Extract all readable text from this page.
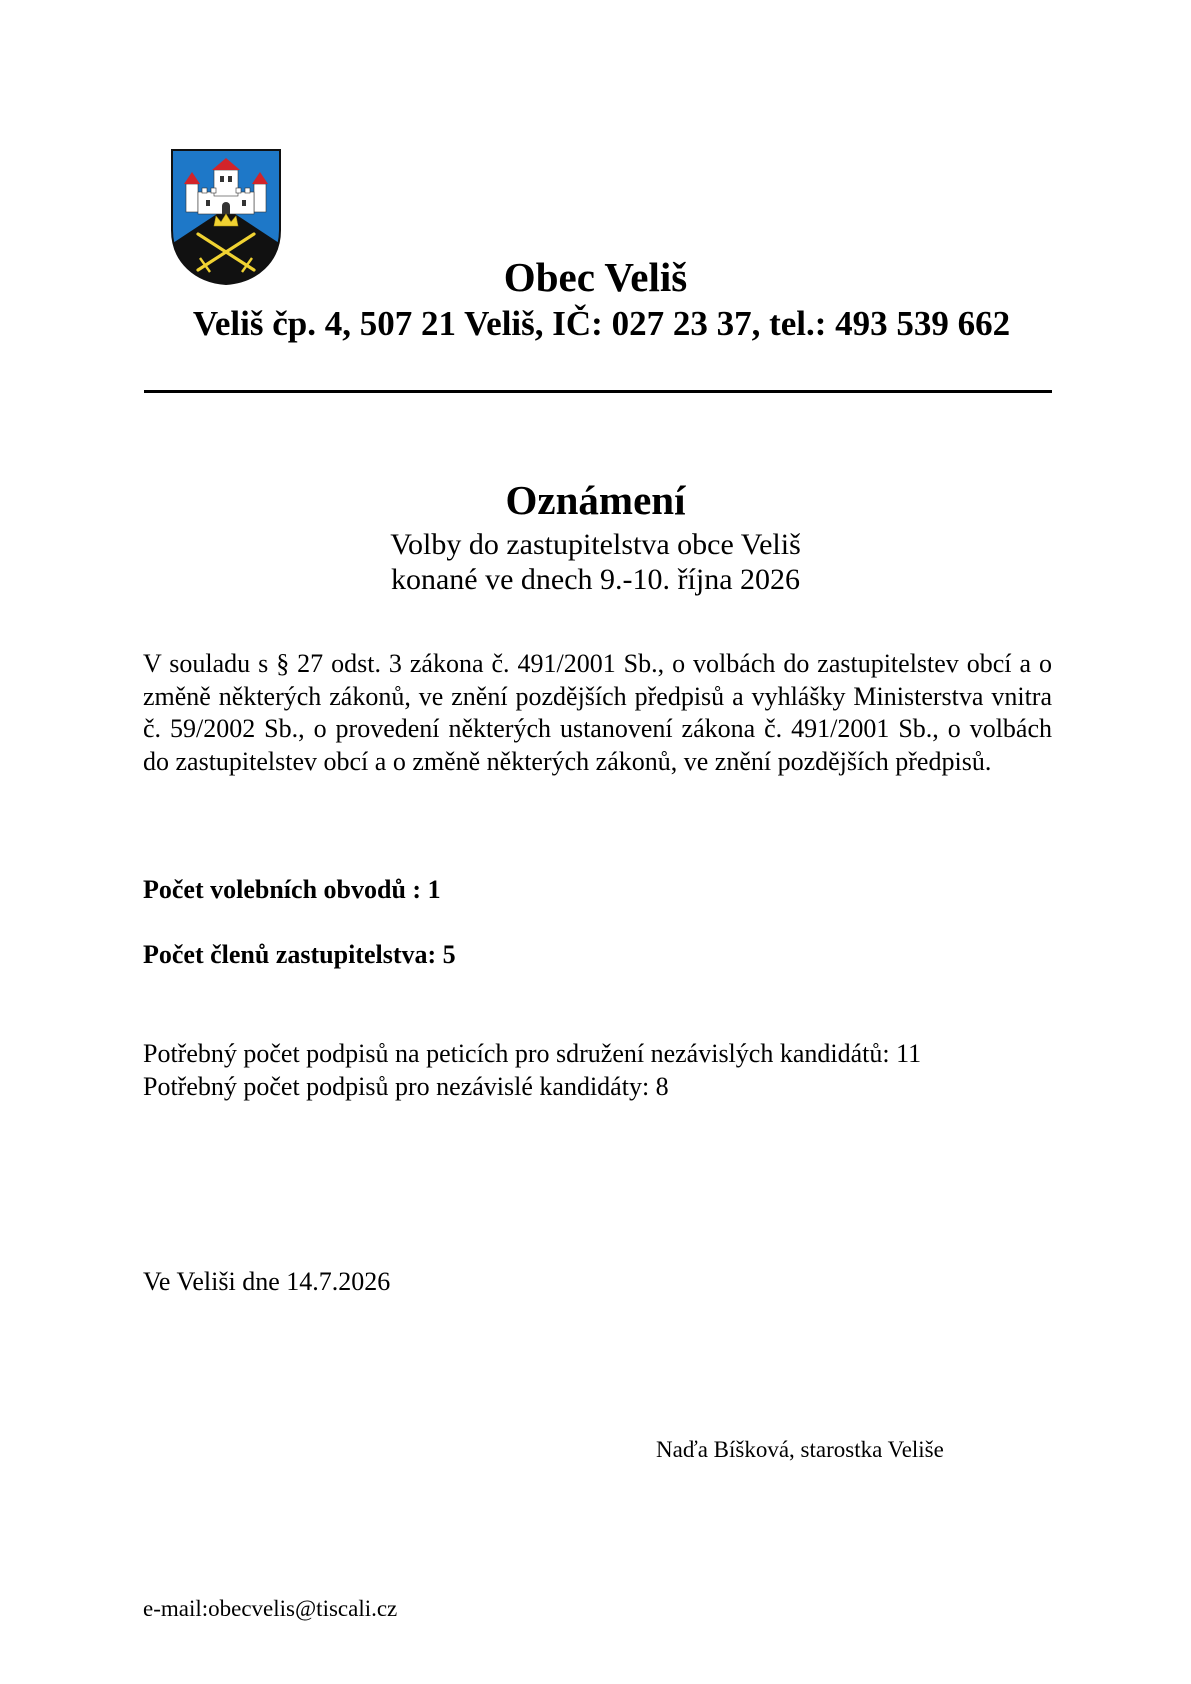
Obec Veliš
Veliš čp. 4, 507 21 Veliš, IČ: 027 23 37, tel.: 493 539 662
Oznámení
Volby do zastupitelstva obce Veliš
konané ve dnech 9.-10. října 2026

V souladu s § 27 odst. 3 zákona č. 491/2001 Sb., o volbách do zastupitelstev obcí a o změně některých zákonů, ve znění pozdějších předpisů a vyhlášky Ministerstva vnitra č. 59/2002 Sb., o provedení některých ustanovení zákona č. 491/2001 Sb., o volbách do zastupitelstev obcí a o změně některých zákonů, ve znění pozdějších předpisů.

Počet volebních obvodů : 1
Počet členů zastupitelstva: 5
Potřebný počet podpisů na peticích pro sdružení nezávislých kandidátů: 11
Potřebný počet podpisů pro nezávislé kandidáty: 8
Ve Veliši dne 14.7.2026
Naďa Bíšková, starostka Veliše
e-mail:obecvelis@tiscali.cz
